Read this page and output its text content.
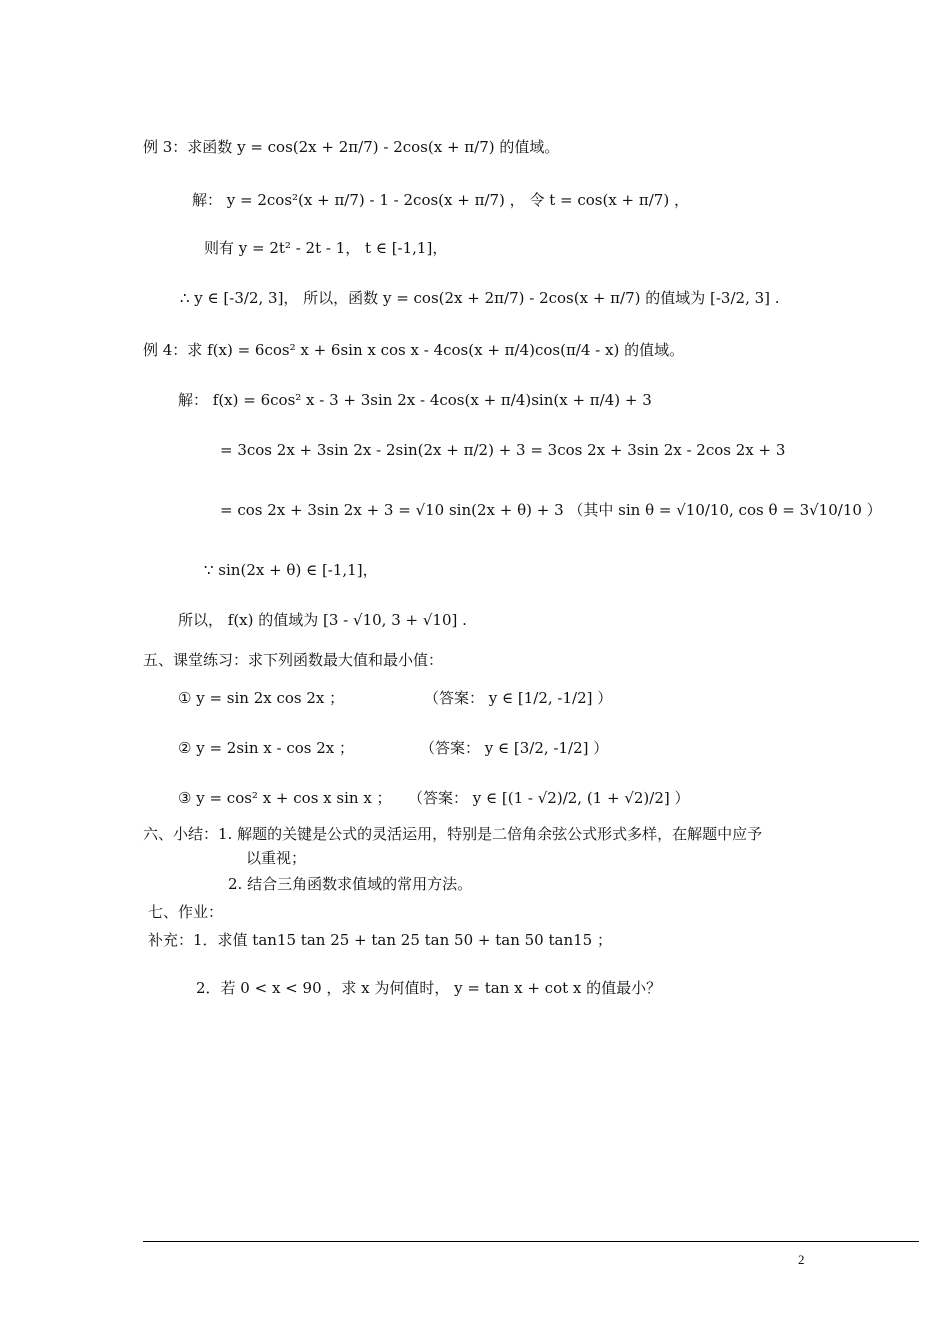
例 3：求函数 y = cos(2x + 2π/7) - 2cos(x + π/7) 的值域。
解： y = 2cos²(x + π/7) - 1 - 2cos(x + π/7) ， 令 t = cos(x + π/7) ，
则有 y = 2t² - 2t - 1， t ∈ [-1,1]，
∴ y ∈ [-3/2, 3]， 所以，函数 y = cos(2x + 2π/7) - 2cos(x + π/7) 的值域为 [-3/2, 3] .
例 4：求 f(x) = 6cos² x + 6sin x cos x - 4cos(x + π/4)cos(π/4 - x) 的值域。
解： f(x) = 6cos² x - 3 + 3sin 2x - 4cos(x + π/4)sin(x + π/4) + 3
= 3cos 2x + 3sin 2x - 2sin(2x + π/2) + 3 = 3cos 2x + 3sin 2x - 2cos 2x + 3
= cos 2x + 3sin 2x + 3 = √10 sin(2x + θ) + 3 （其中 sin θ = √10/10, cos θ = 3√10/10 ）
∵ sin(2x + θ) ∈ [-1,1]，
所以， f(x) 的值域为 [3 - √10, 3 + √10] .
五、课堂练习：求下列函数最大值和最小值：
① y = sin 2x cos 2x ；	（答案： y ∈ [1/2, -1/2] ）
② y = 2sin x - cos 2x ；	（答案： y ∈ [3/2, -1/2] ）
③ y = cos² x + cos x sin x ； （答案： y ∈ [(1 - √2)/2, (1 + √2)/2] ）
六、小结：1. 解题的关键是公式的灵活运用，特别是二倍角余弦公式形式多样，在解题中应予
以重视；
2. 结合三角函数求值域的常用方法。
七、作业：
补充：1．求值 tan15 tan 25 + tan 25 tan 50 + tan 50 tan15 ；
2．若 0 < x < 90 ，求 x 为何值时， y = tan x + cot x 的值最小？
2
